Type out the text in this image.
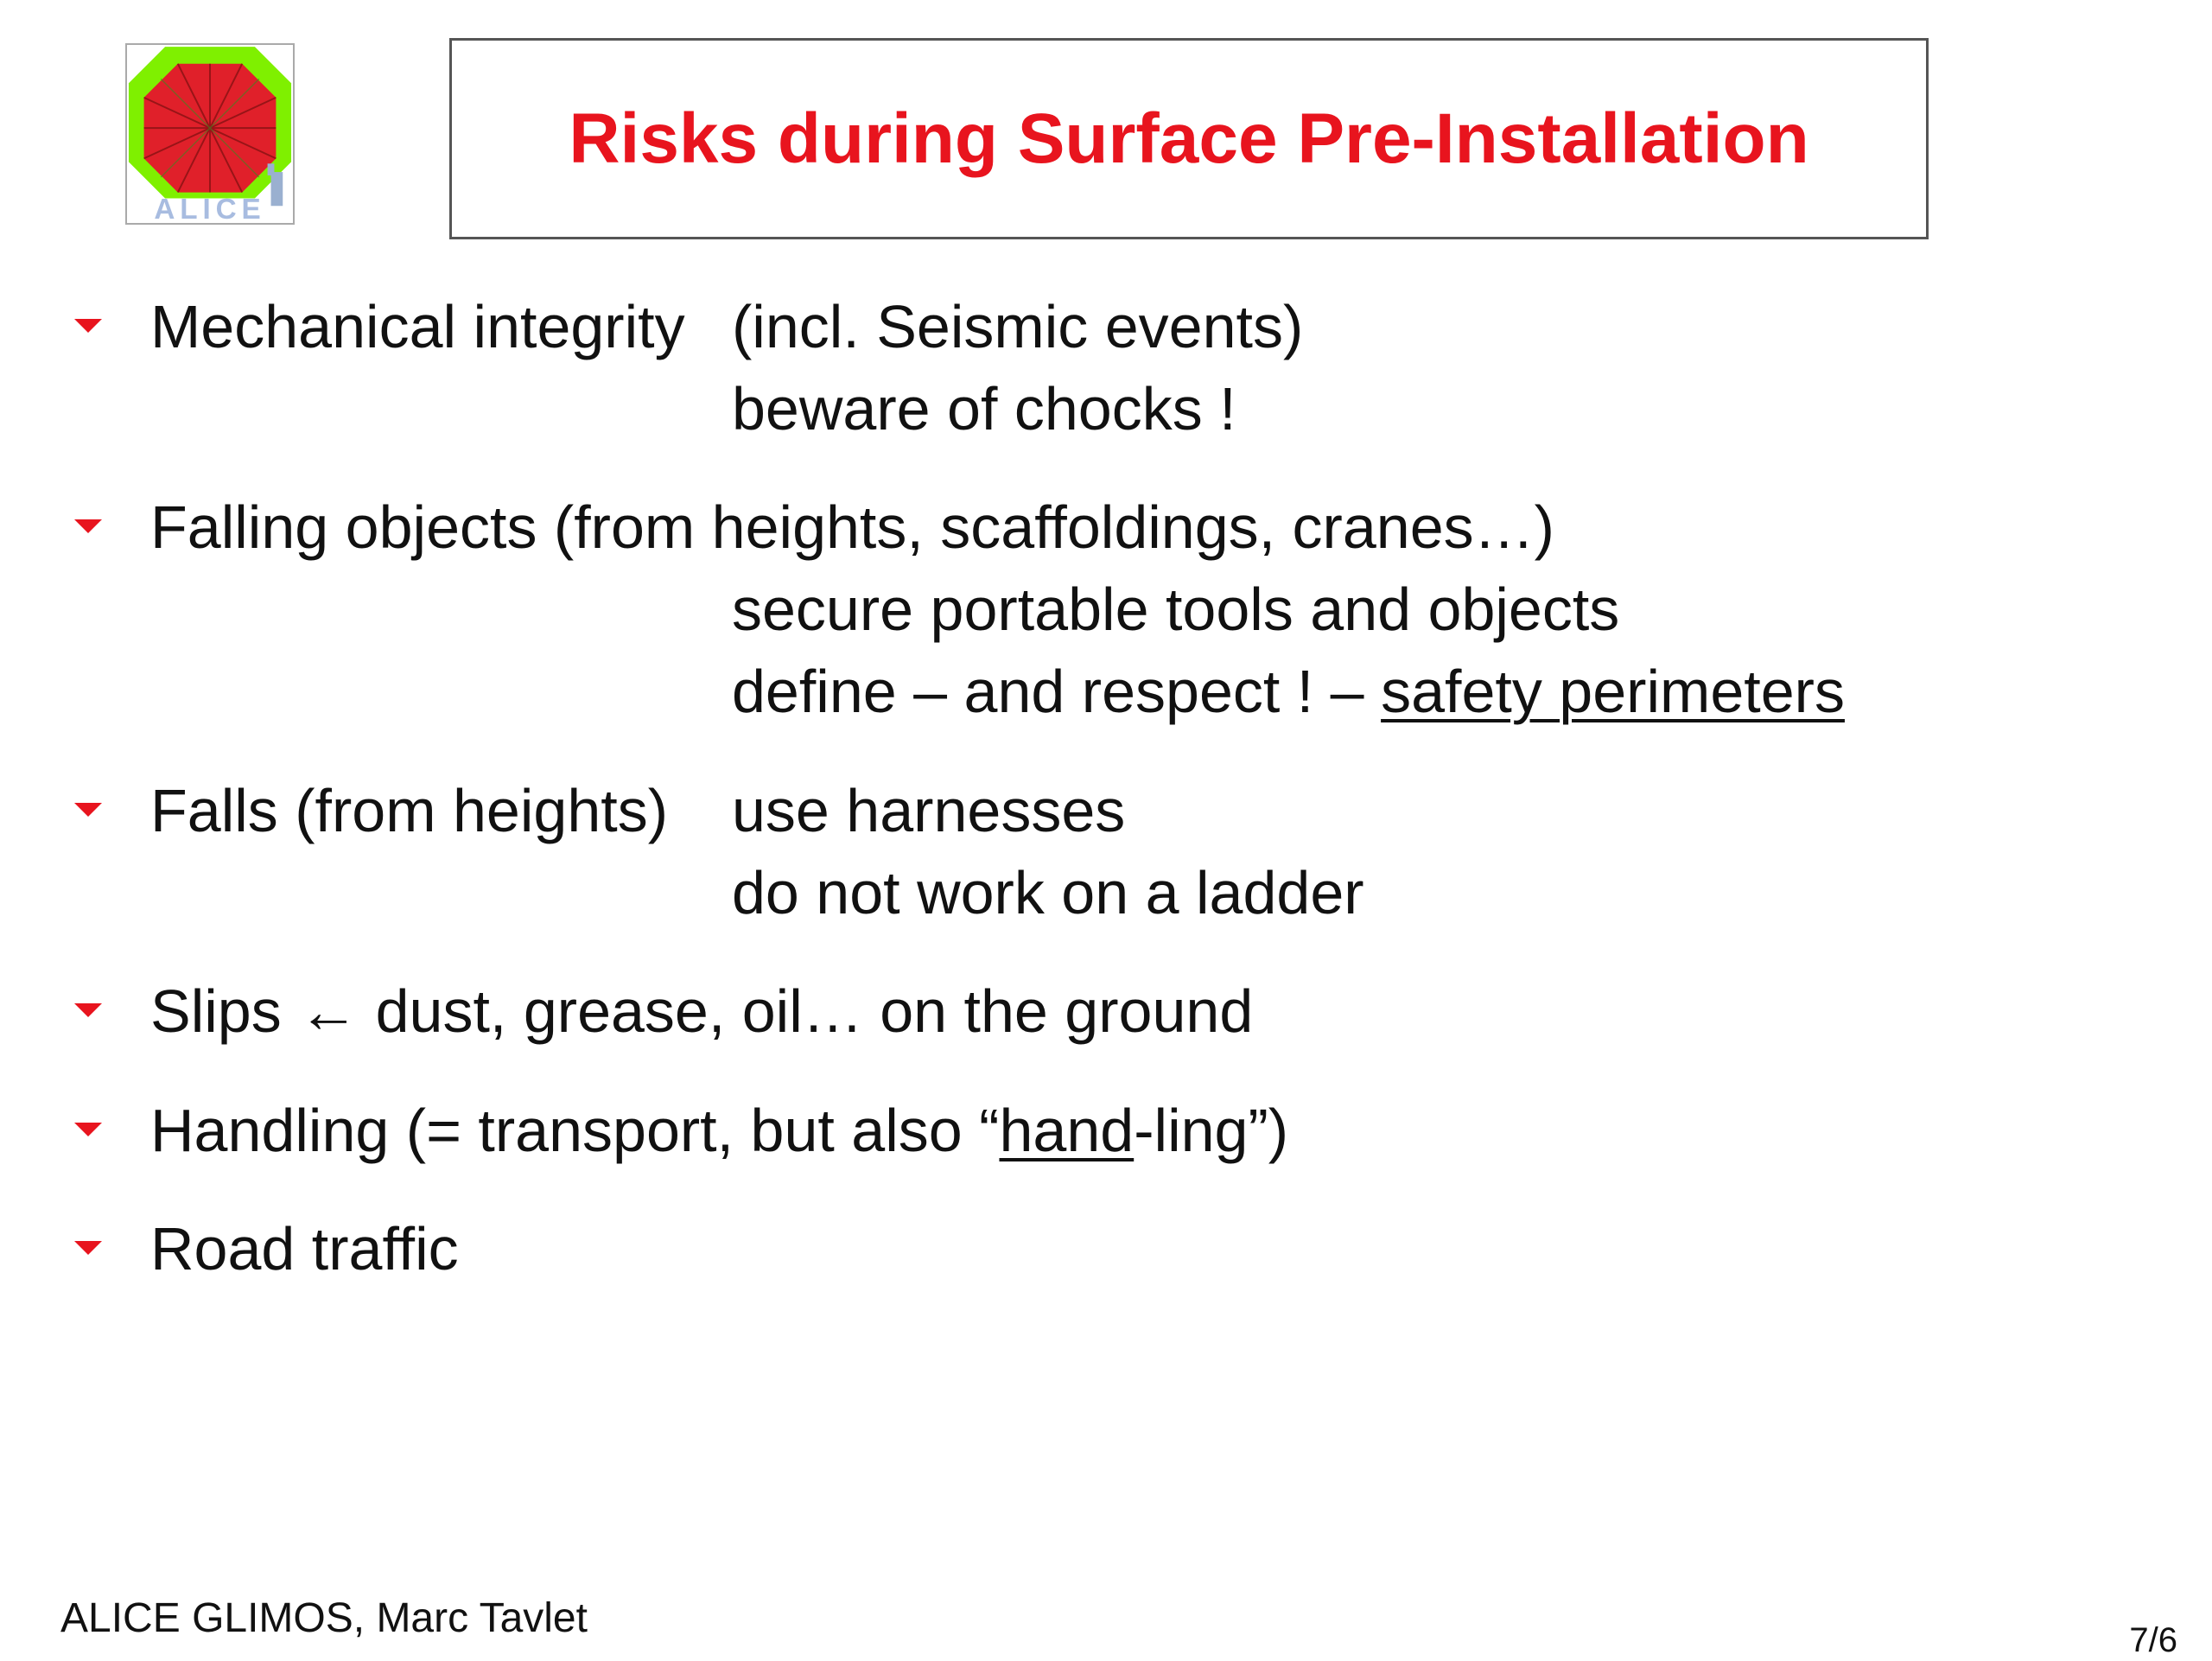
ALICE
Risks during Surface Pre-Installation
Mechanical integrity (incl. Seismic events)
beware of chocks !
Falling objects (from heights, scaffoldings, cranes…)
secure portable tools and objects
define – and respect ! – safety perimeters
Falls (from heights) use harnesses
do not work on a ladder
Slips ← dust, grease, oil… on the ground
Handling (= transport, but also “hand-ling”)
Road traffic
ALICE GLIMOS, Marc Tavlet	7/6
